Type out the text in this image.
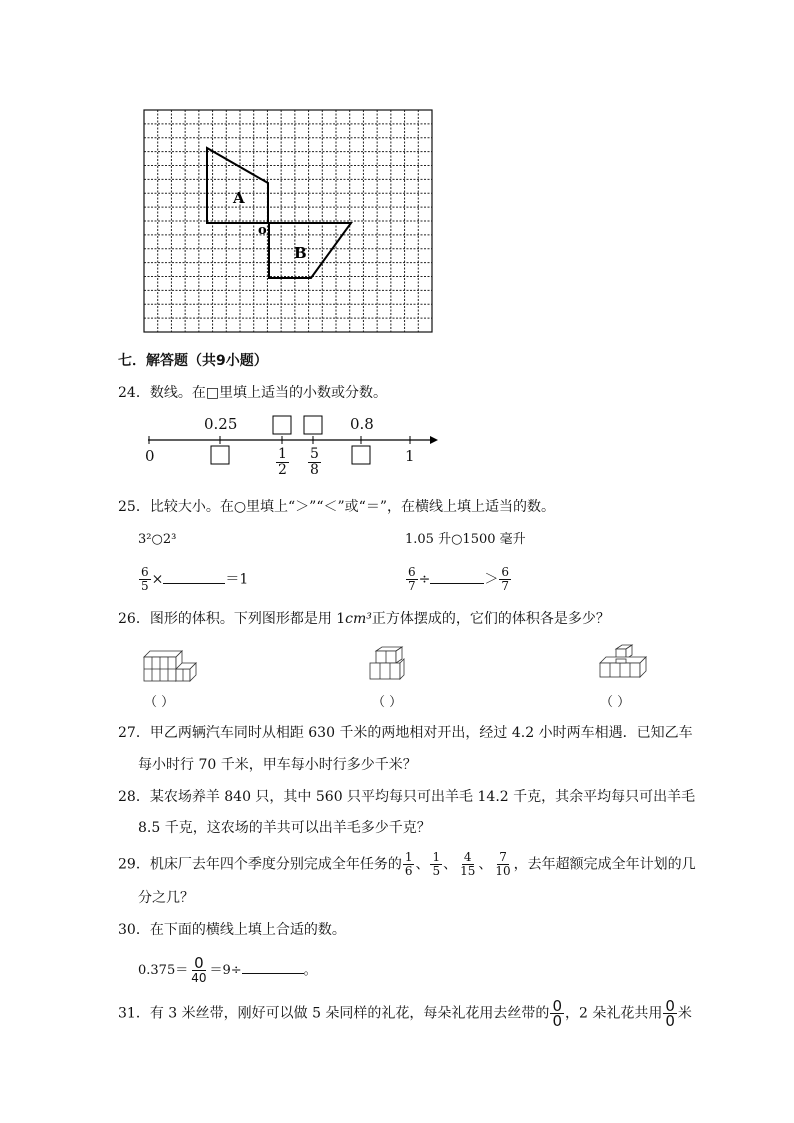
A
o
B
七．解答题（共9小题）
24．数线。在□里填上适当的小数或分数。
0.25	0.8
0	1
$\frac{1}{2} \frac{5}{8}$
25．比较大小。在○里填上“＞”“＜”或“＝”，在横线上填上适当的数。
3²○2³	1.05 升○1500 毫升
$\frac{6}{5}$ ×	＝1	$\frac{6}{7}$ ÷	＞ $\frac{6}{7}$
26．图形的体积。下列图形都是用 1cm³正方体摆成的，它们的体积各是多少？
（ ）	（ ）	（ ）
27．甲乙两辆汽车同时从相距 630 千米的两地相对开出，经过 4.2 小时两车相遇．已知乙车
每小时行 70 千米，甲车每小时行多少千米？
28．某农场养羊 840 只，其中 560 只平均每只可出羊毛 14.2 千克，其余平均每只可出羊毛
8.5 千克，这农场的羊共可以出羊毛多少千克？
29．机床厂去年四个季度分别完成全年任务的 $\frac{1}{6}$ 、 $\frac{1}{5}$ 、 $\frac{4}{15}$ 、 $\frac{7}{10}$ ，去年超额完成全年计划的几
分之几？
30．在下面的横线上填上合适的数。
$0.375= \frac{0}{40} =9\div$	。
31．有 3 米丝带，刚好可以做 5 朵同样的礼花，每朵礼花用去丝带的 $\frac{0}{0}$ ，2 朵礼花共用 $\frac{0}{0}$ 米
